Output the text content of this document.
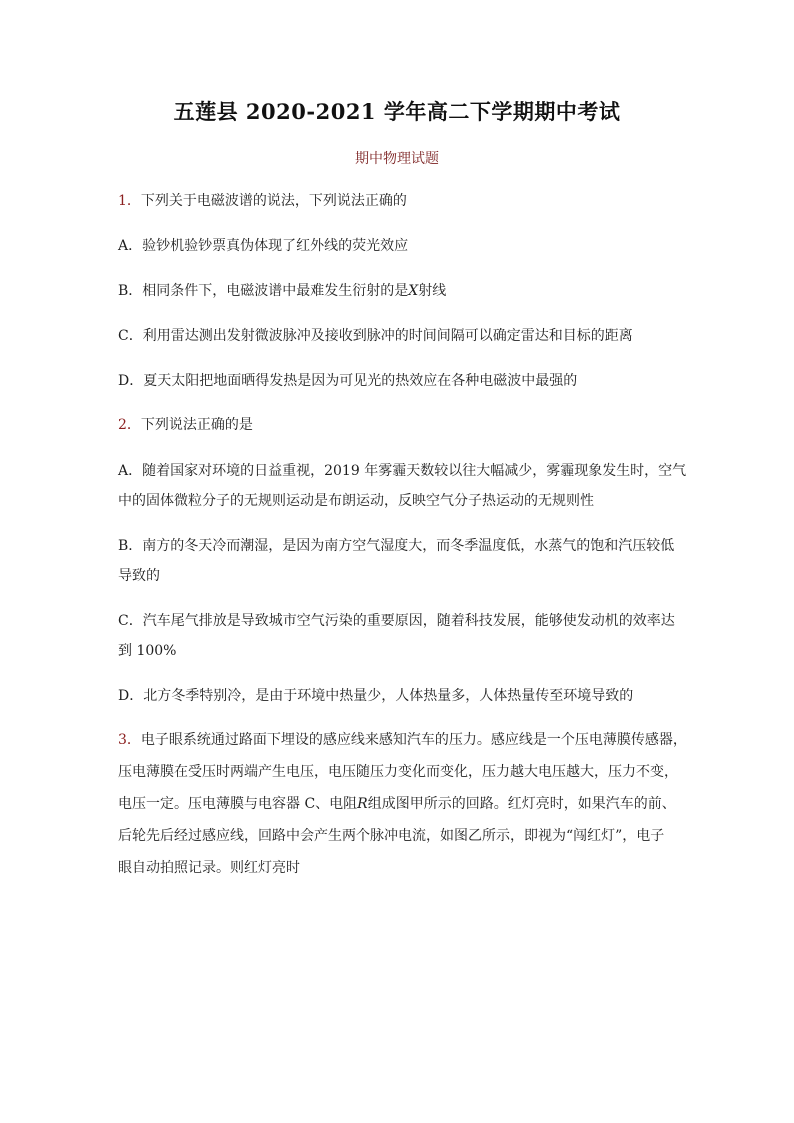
五莲县 2020-2021 学年高二下学期期中考试
期中物理试题
1．下列关于电磁波谱的说法，下列说法正确的
A．验钞机验钞票真伪体现了红外线的荧光效应
B．相同条件下，电磁波谱中最难发生衍射的是X射线
C．利用雷达测出发射微波脉冲及接收到脉冲的时间间隔可以确定雷达和目标的距离
D．夏天太阳把地面晒得发热是因为可见光的热效应在各种电磁波中最强的
2．下列说法正确的是
A．随着国家对环境的日益重视，2019 年雾霾天数较以往大幅减少，雾霾现象发生时，空气
中的固体微粒分子的无规则运动是布朗运动，反映空气分子热运动的无规则性
B．南方的冬天冷而潮湿，是因为南方空气湿度大，而冬季温度低，水蒸气的饱和汽压较低
导致的
C．汽车尾气排放是导致城市空气污染的重要原因，随着科技发展，能够使发动机的效率达
到 100%
D．北方冬季特别冷，是由于环境中热量少，人体热量多，人体热量传至环境导致的
3．电子眼系统通过路面下埋设的感应线来感知汽车的压力。感应线是一个压电薄膜传感器，
压电薄膜在受压时两端产生电压，电压随压力变化而变化，压力越大电压越大，压力不变，
电压一定。压电薄膜与电容器 C、电阻R组成图甲所示的回路。红灯亮时，如果汽车的前、
后轮先后经过感应线，回路中会产生两个脉冲电流，如图乙所示，即视为“闯红灯”，电子
眼自动拍照记录。则红灯亮时
